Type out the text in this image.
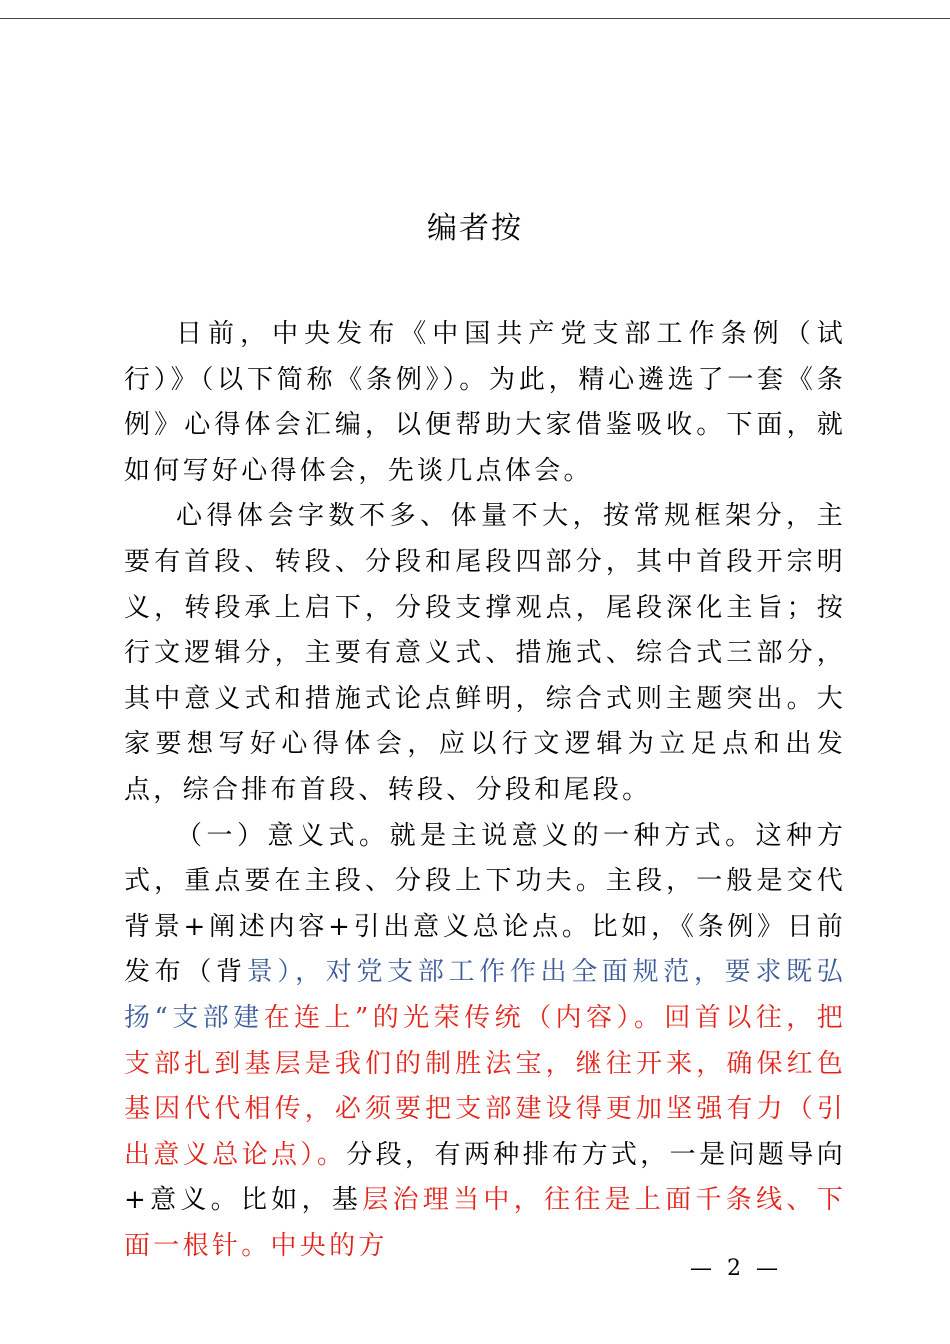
编者按

日前，中央发布《中国共产党支部工作条例（试行）》（以下简称《条例》）。为此，精心遴选了一套《条例》心得体会汇编，以便帮助大家借鉴吸收。下面，就如何写好心得体会，先谈几点体会。

心得体会字数不多、体量不大，按常规框架分，主要有首段、转段、分段和尾段四部分，其中首段开宗明义，转段承上启下，分段支撑观点，尾段深化主旨；按行文逻辑分，主要有意义式、措施式、综合式三部分，其中意义式和措施式论点鲜明，综合式则主题突出。大家要想写好心得体会，应以行文逻辑为立足点和出发点，综合排布首段、转段、分段和尾段。

（一）意义式。就是主说意义的一种方式。这种方式，重点要在主段、分段上下功夫。主段，一般是交代背景+阐述内容+引出意义总论点。比如，《条例》日前发布（背景），对党支部工作作出全面规范，要求既弘扬“支部建在连上”的光荣传统（内容）。回首以往，把支部扎到基层是我们的制胜法宝，继往开来，确保红色基因代代相传，必须要把支部建设得更加坚强有力（引出意义总论点）。分段，有两种排布方式，一是问题导向+意义。比如，基层治理当中，往往是上面千条线、下面一根针。中央的方

— 2 —
